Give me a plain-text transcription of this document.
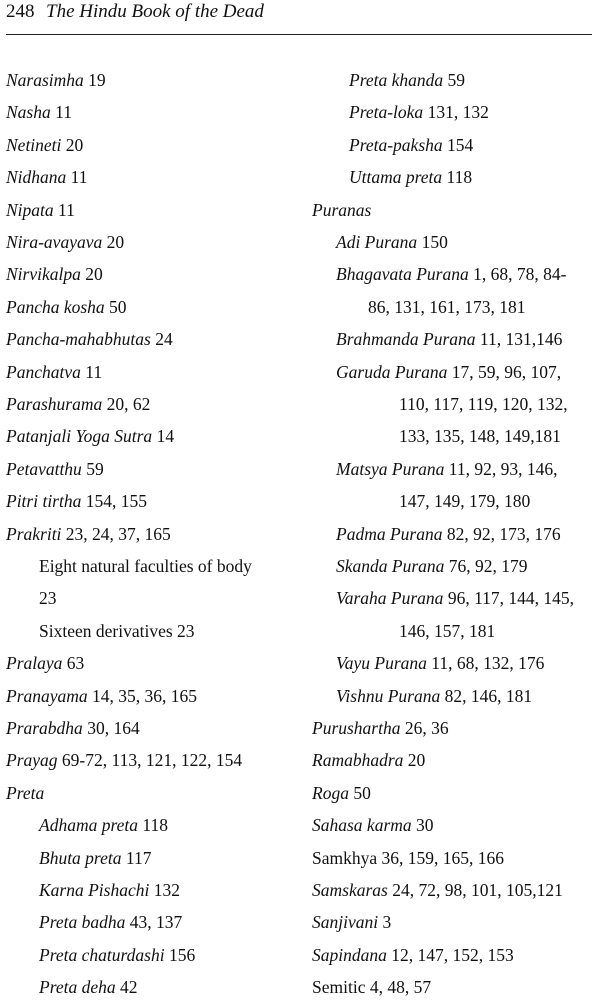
248 The Hindu Book of the Dead
Narasimha 19
Nasha 11
Netineti 20
Nidhana 11
Nipata 11
Nira-avayava 20
Nirvikalpa 20
Pancha kosha 50
Pancha-mahabhutas 24
Panchatva 11
Parashurama 20, 62
Patanjali Yoga Sutra 14
Petavatthu 59
Pitri tirtha 154, 155
Prakriti 23, 24, 37, 165
Eight natural faculties of body
23
Sixteen derivatives 23
Pralaya 63
Pranayama 14, 35, 36, 165
Prarabdha 30, 164
Prayag 69-72, 113, 121, 122, 154
Preta
Adhama preta 118
Bhuta preta 117
Karna Pishachi 132
Preta badha 43, 137
Preta chaturdashi 156
Preta deha 42
Preta khanda 59
Preta-loka 131, 132
Preta-paksha 154
Uttama preta 118
Puranas
Adi Purana 150
Bhagavata Purana 1, 68, 78, 84-
86, 131, 161, 173, 181
Brahmanda Purana 11, 131,146
Garuda Purana 17, 59, 96, 107,
110, 117, 119, 120, 132,
133, 135, 148, 149,181
Matsya Purana 11, 92, 93, 146,
147, 149, 179, 180
Padma Purana 82, 92, 173, 176
Skanda Purana 76, 92, 179
Varaha Purana 96, 117, 144, 145,
146, 157, 181
Vayu Purana 11, 68, 132, 176
Vishnu Purana 82, 146, 181
Purushartha 26, 36
Ramabhadra 20
Roga 50
Sahasa karma 30
Samkhya 36, 159, 165, 166
Samskaras 24, 72, 98, 101, 105,121
Sanjivani 3
Sapindana 12, 147, 152, 153
Semitic 4, 48, 57
